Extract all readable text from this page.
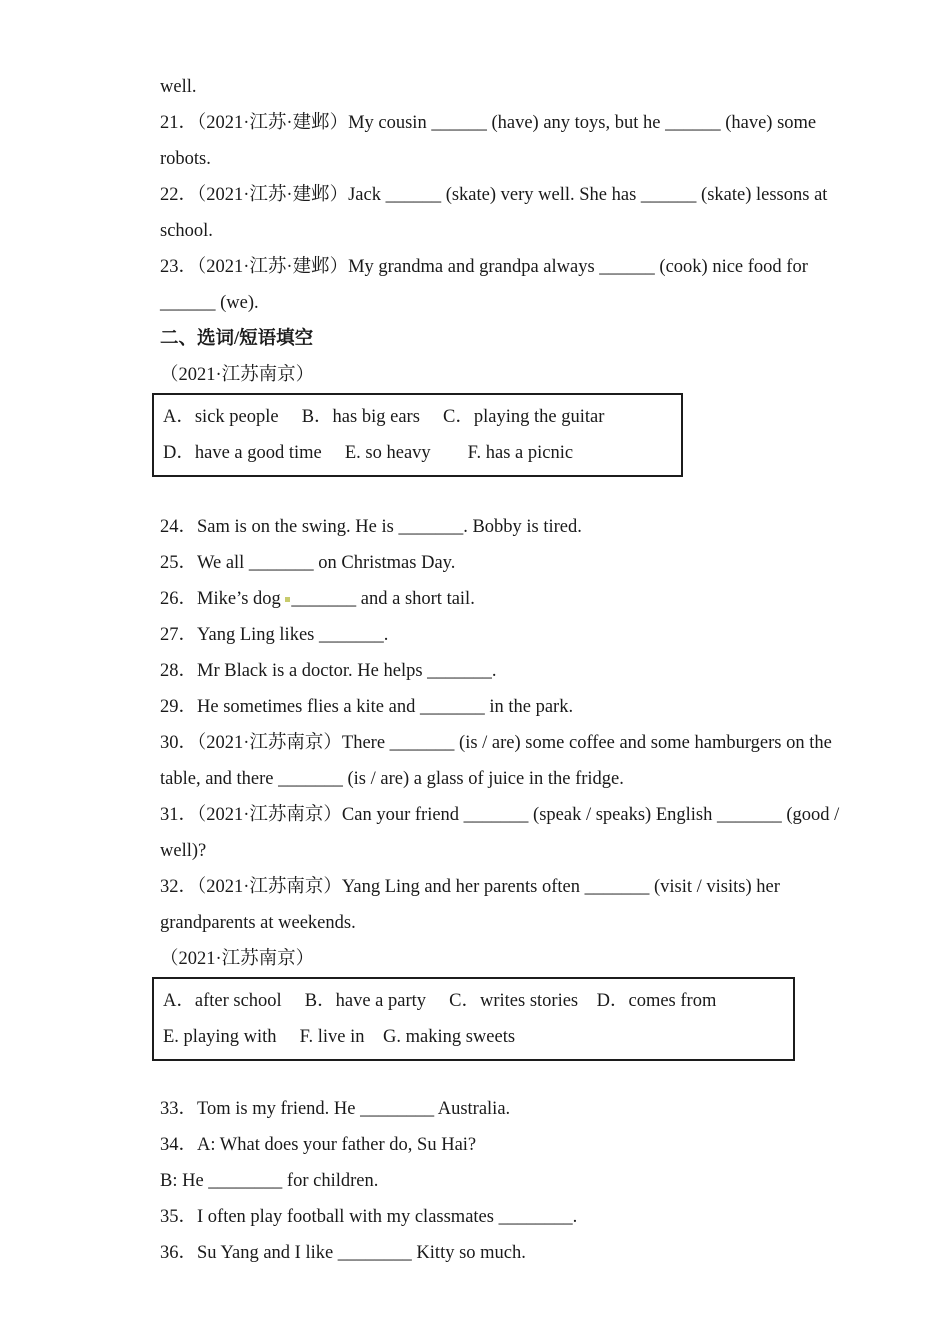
well.
21．（2021·江苏·建邺）My cousin ______ (have) any toys, but he ______ (have) some
robots.
22．（2021·江苏·建邺）Jack ______ (skate) very well. She has ______ (skate) lessons at
school.
23．（2021·江苏·建邺）My grandma and grandpa always ______ (cook) nice food for
______ (we).
二、选词/短语填空
（2021·江苏南京）
A．sick people     B．has big ears     C．playing the guitar
D．have a good time     E. so heavy        F. has a picnic
24．Sam is on the swing. He is _______. Bobby is tired.
25．We all _______ on Christmas Day.
26．Mike’s dog _______ and a short tail.
27．Yang Ling likes _______.
28．Mr Black is a doctor. He helps _______.
29．He sometimes flies a kite and _______ in the park.
30．（2021·江苏南京）There _______ (is / are) some coffee and some hamburgers on the
table, and there _______ (is / are) a glass of juice in the fridge.
31．（2021·江苏南京）Can your friend _______ (speak / speaks) English _______ (good /
well)?
32．（2021·江苏南京）Yang Ling and her parents often _______ (visit / visits) her
grandparents at weekends.
（2021·江苏南京）
A．after school     B．have a party     C．writes stories    D．comes from
E. playing with     F. live in    G. making sweets
33．Tom is my friend. He ________ Australia.
34．A: What does your father do, Su Hai?
B: He ________ for children.
35．I often play football with my classmates ________.
36．Su Yang and I like ________ Kitty so much.
